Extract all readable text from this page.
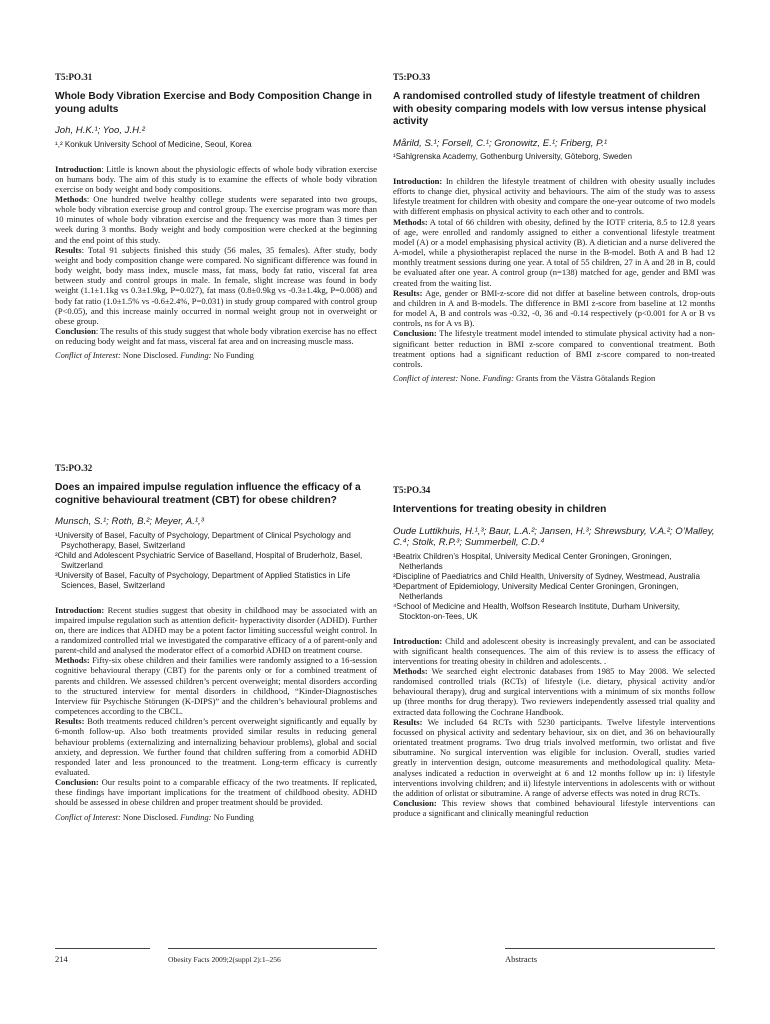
T5:PO.31
Whole Body Vibration Exercise and Body Composition Change in young adults
Joh, H.K.¹; Yoo, J.H.²
¹,² Konkuk University School of Medicine, Seoul, Korea

Introduction: Little is known about the physiologic effects of whole body vibration exercise on humans body. The aim of this study is to examine the effects of whole body vibration exercise on body weight and body compositions.

Methods: One hundred twelve healthy college students were separated into two groups, whole body vibration exercise group and control group. The exercise program was more than 10 minutes of whole body vibration exercise and the frequency was more than 3 times per week during 3 months. Body weight and body composition were checked at the beginning and the end point of this study.

Results: Total 91 subjects finished this study (56 males, 35 females). After study, body weight and body composition change were compared. No significant difference was found in body weight, body mass index, muscle mass, fat mass, body fat ratio, visceral fat area between study and control groups in male. In female, slight increase was found in body weight (1.1±1.1kg vs 0.3±1.9kg, P=0.027), fat mass (0.8±0.9kg vs -0.3±1.4kg, P=0.008) and body fat ratio (1.0±1.5% vs -0.6±2.4%, P=0.031) in study group compared with control group (P<0.05), and this increase mainly occurred in normal weight group not in overweight or obese group.

Conclusion: The results of this study suggest that whole body vibration exercise has no effect on reducing body weight and fat mass, visceral fat area and on increasing muscle mass.

Conflict of Interest: None Disclosed. Funding: No Funding
T5:PO.32
Does an impaired impulse regulation influence the efficacy of a cognitive behavioural treatment (CBT) for obese children?
Munsch, S.¹; Roth, B.²; Meyer, A.¹,³
¹University of Basel, Faculty of Psychology, Department of Clinical Psychology and Psychotherapy, Basel, Switzerland
²Child and Adolescent Psychiatric Service of Baselland, Hospital of Bruderholz, Basel, Switzerland
³University of Basel, Faculty of Psychology, Department of Applied Statistics in Life Sciences, Basel, Switzerland

Introduction: Recent studies suggest that obesity in childhood may be associated with an impaired impulse regulation such as attention deficit- hyperactivity disorder (ADHD). Further on, there are indices that ADHD may be a potent factor limiting successful weight control. In a randomized controlled trial we investigated the comparative efficacy of a of parent-only and parent-child and analysed the moderator effect of a comorbid ADHD on treatment course.

Methods: Fifty-six obese children and their families were randomly assigned to a 16-session cognitive behavioural therapy (CBT) for the parents only or for a combined treatment of parents and children. We assessed children’s percent overweight; mental disorders according to the structured interview for mental disorders in childhood, “Kinder-Diagnostisches Interview für Psychische Störungen (K-DIPS)” and the children’s behavioural problems and competences according to the CBCL.

Results: Both treatments reduced children’s percent overweight significantly and equally by 6-month follow-up. Also both treatments provided similar results in reducing general behaviour problems (externalizing and internalizing behaviour problems), global and social anxiety, and depression. We further found that children suffering from a comorbid ADHD responded later and less pronounced to the treatment. Long-term efficacy is currently evaluated.

Conclusion: Our results point to a comparable efficacy of the two treatments. If replicated, these findings have important implications for the treatment of childhood obesity. ADHD should be assessed in obese children and proper treatment should be provided.

Conflict of Interest: None Disclosed. Funding: No Funding
T5:PO.33
A randomised controlled study of lifestyle treatment of children with obesity comparing models with low versus intense physical activity
Mårild, S.¹; Forsell, C.¹; Gronowitz, E.¹; Friberg, P.¹
¹Sahlgrenska Academy, Gothenburg University, Göteborg, Sweden

Introduction: In children the lifestyle treatment of children with obesity usually includes efforts to change diet, physical activity and behaviours. The aim of the study was to assess lifestyle treatment for children with obesity and compare the one-year outcome of two models with different emphasis on physical activity to each other and to controls.

Methods: A total of 66 children with obesity, defined by the IOTF criteria, 8.5 to 12.8 years of age, were enrolled and randomly assigned to either a conventional lifestyle treatment model (A) or a model emphasising physical activity (B). A dietician and a nurse delivered the A-model, while a physiotherapist replaced the nurse in the B-model. Both A and B had 12 monthly treatment sessions during one year. A total of 55 children, 27 in A and 28 in B, could be evaluated after one year. A control group (n=138) matched for age, gender and BMI was created from the waiting list.

Results: Age, gender or BMI-z-score did not differ at baseline between controls, drop-outs and children in A and B-models. The difference in BMI z-score from baseline at 12 months for model A, B and controls was -0.32, -0, 36 and -0.14 respectively (p<0.001 for A or B vs controls, ns for A vs B).

Conclusion: The lifestyle treatment model intended to stimulate physical activity had a non-significant better reduction in BMI z-score compared to conventional treatment. Both treatment options had a significant reduction of BMI z-score compared to non-treated controls.

Conflict of interest: None. Funding: Grants from the Västra Götalands Region
T5:PO.34
Interventions for treating obesity in children
Oude Luttikhuis, H.¹,³; Baur, L.A.²; Jansen, H.³; Shrewsbury, V.A.²; O’Malley, C.⁴; Stolk, R.P.³; Summerbell, C.D.⁴
¹Beatrix Children’s Hospital, University Medical Center Groningen, Groningen, Netherlands
²Discipline of Paediatrics and Child Health, University of Sydney, Westmead, Australia
³Department of Epidemiology, University Medical Center Groningen, Groningen, Netherlands
⁴School of Medicine and Health, Wolfson Research Institute, Durham University, Stockton-on-Tees, UK

Introduction: Child and adolescent obesity is increasingly prevalent, and can be associated with significant health consequences. The aim of this review is to assess the efficacy of interventions for treating obesity in children and adolescents. .

Methods: We searched eight electronic databases from 1985 to May 2008. We selected randomised controlled trials (RCTs) of lifestyle (i.e. dietary, physical activity and/or behavioural therapy), drug and surgical interventions with a minimum of six months follow up (three months for drug therapy). Two reviewers independently assessed trial quality and extracted data following the Cochrane Handbook.

Results: We included 64 RCTs with 5230 participants. Twelve lifestyle interventions focussed on physical activity and sedentary behaviour, six on diet, and 36 on behaviourally orientated treatment programs. Two drug trials involved metformin, two orlistat and five sibutramine. No surgical intervention was eligible for inclusion. Overall, studies varied greatly in intervention design, outcome measurements and methodological quality. Meta-analyses indicated a reduction in overweight at 6 and 12 months follow up in: i) lifestyle interventions involving children; and ii) lifestyle interventions in adolescents with or without the addition of orlistat or sibutramine. A range of adverse effects was noted in drug RCTs.

Conclusion: This review shows that combined behavioural lifestyle interventions can produce a significant and clinically meaningful reduction

214	Obesity Facts 2009;2(suppl 2):1–256	Abstracts
